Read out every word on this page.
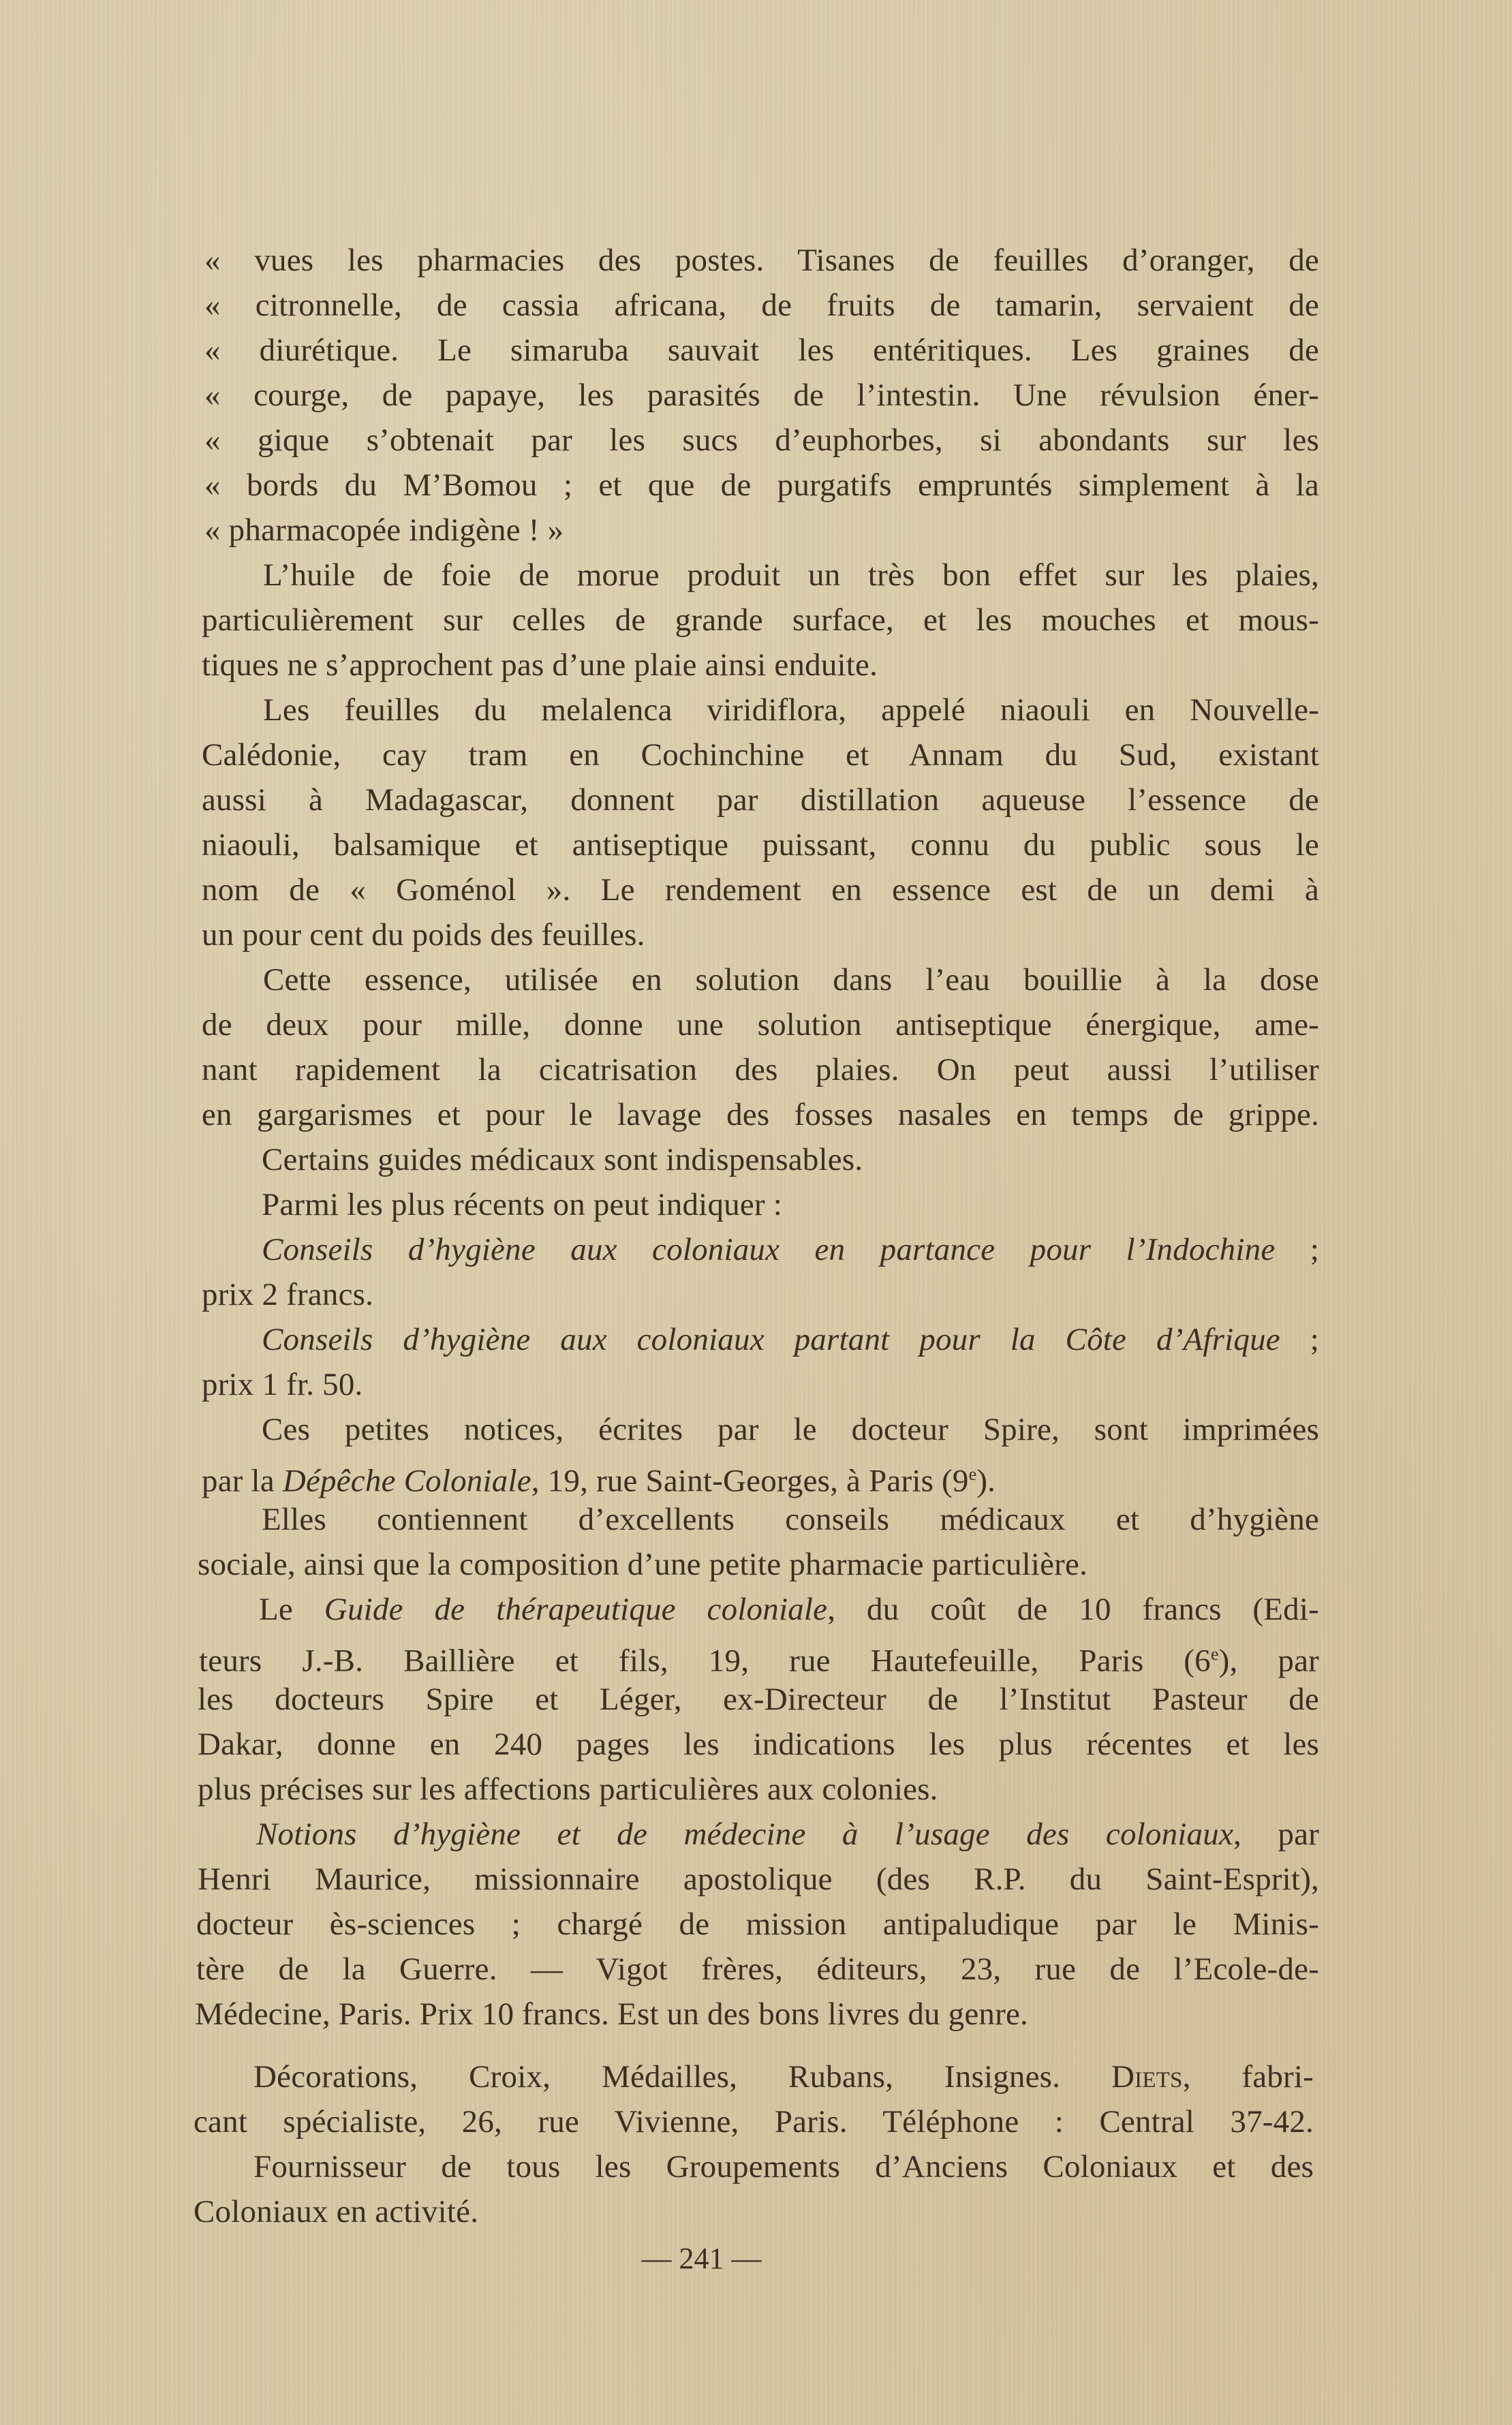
« vues les pharmacies des postes. Tisanes de feuilles d’oranger, de
« citronnelle, de cassia africana, de fruits de tamarin, servaient de
« diurétique. Le simaruba sauvait les entéritiques. Les graines de
« courge, de papaye, les parasités de l’intestin. Une révulsion éner-
« gique s’obtenait par les sucs d’euphorbes, si abondants sur les
« bords du M’Bomou ; et que de purgatifs empruntés simplement à la
« pharmacopée indigène ! »
L’huile de foie de morue produit un très bon effet sur les plaies,
particulièrement sur celles de grande surface, et les mouches et mous-
tiques ne s’approchent pas d’une plaie ainsi enduite.
Les feuilles du melalenca viridiflora, appelé niaouli en Nouvelle-
Calédonie, cay tram en Cochinchine et Annam du Sud, existant
aussi à Madagascar, donnent par distillation aqueuse l’essence de
niaouli, balsamique et antiseptique puissant, connu du public sous le
nom de « Goménol ». Le rendement en essence est de un demi à
un pour cent du poids des feuilles.
Cette essence, utilisée en solution dans l’eau bouillie à la dose
de deux pour mille, donne une solution antiseptique énergique, ame-
nant rapidement la cicatrisation des plaies. On peut aussi l’utiliser
en gargarismes et pour le lavage des fosses nasales en temps de grippe.
Certains guides médicaux sont indispensables.
Parmi les plus récents on peut indiquer :
Conseils d’hygiène aux coloniaux en partance pour l’Indochine ;
prix 2 francs.
Conseils d’hygiène aux coloniaux partant pour la Côte d’Afrique ;
prix 1 fr. 50.
Ces petites notices, écrites par le docteur Spire, sont imprimées
par la Dépêche Coloniale, 19, rue Saint-Georges, à Paris (9e).
Elles contiennent d’excellents conseils médicaux et d’hygiène
sociale, ainsi que la composition d’une petite pharmacie particulière.
Le Guide de thérapeutique coloniale, du coût de 10 francs (Edi-
teurs J.-B. Baillière et fils, 19, rue Hautefeuille, Paris (6e), par
les docteurs Spire et Léger, ex-Directeur de l’Institut Pasteur de
Dakar, donne en 240 pages les indications les plus récentes et les
plus précises sur les affections particulières aux colonies.
Notions d’hygiène et de médecine à l’usage des coloniaux, par
Henri Maurice, missionnaire apostolique (des R.P. du Saint-Esprit),
docteur ès-sciences ; chargé de mission antipaludique par le Minis-
tère de la Guerre. — Vigot frères, éditeurs, 23, rue de l’Ecole-de-
Médecine, Paris. Prix 10 francs. Est un des bons livres du genre.
Décorations, Croix, Médailles, Rubans, Insignes. Diets, fabri-
cant spécialiste, 26, rue Vivienne, Paris. Téléphone : Central 37-42.
Fournisseur de tous les Groupements d’Anciens Coloniaux et des
Coloniaux en activité.
— 241 —
